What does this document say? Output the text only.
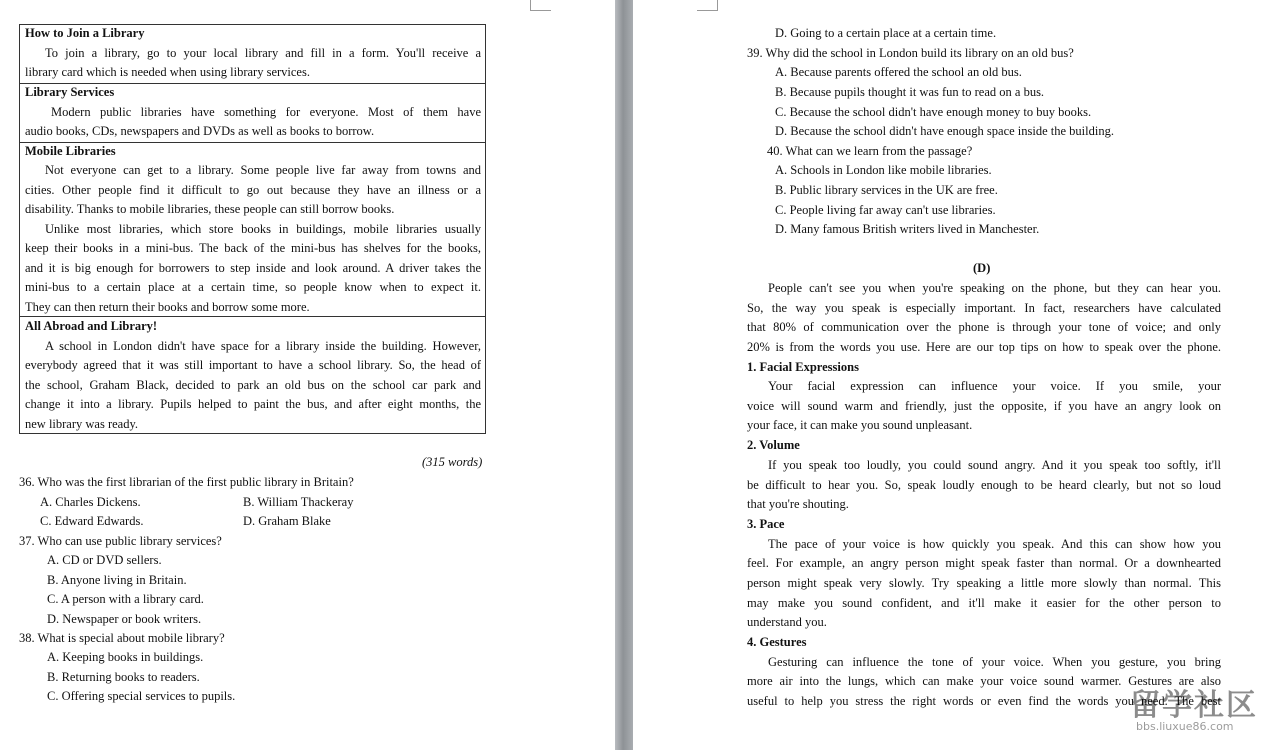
How to Join a Library
To join a library, go to your local library and fill in a form. You'll receive a
library card which is needed when using library services.
Library Services
Modern public libraries have something for everyone. Most of them have
audio books, CDs, newspapers and DVDs as well as books to borrow.
Mobile Libraries
Not everyone can get to a library. Some people live far away from towns and
cities. Other people find it difficult to go out because they have an illness or a
disability. Thanks to mobile libraries, these people can still borrow books.
Unlike most libraries, which store books in buildings, mobile libraries usually
keep their books in a mini-bus. The back of the mini-bus has shelves for the books,
and it is big enough for borrowers to step inside and look around. A driver takes the
mini-bus to a certain place at a certain time, so people know when to expect it.
They can then return their books and borrow some more.
All Abroad and Library!
A school in London didn't have space for a library inside the building. However,
everybody agreed that it was still important to have a school library. So, the head of
the school, Graham Black, decided to park an old bus on the school car park and
change it into a library. Pupils helped to paint the bus, and after eight months, the
new library was ready.
(315 words)
36. Who was the first librarian of the first public library in Britain?
A. Charles Dickens.	B. William Thackeray
C. Edward Edwards.	D. Graham Blake
37. Who can use public library services?
A. CD or DVD sellers.
B. Anyone living in Britain.
C. A person with a library card.
D. Newspaper or book writers.
38. What is special about mobile library?
A. Keeping books in buildings.
B. Returning books to readers.
C. Offering special services to pupils.
D. Going to a certain place at a certain time.
39. Why did the school in London build its library on an old bus?
A. Because parents offered the school an old bus.
B. Because pupils thought it was fun to read on a bus.
C. Because the school didn't have enough money to buy books.
D. Because the school didn't have enough space inside the building.
40. What can we learn from the passage?
A. Schools in London like mobile libraries.
B. Public library services in the UK are free.
C. People living far away can't use libraries.
D. Many famous British writers lived in Manchester.
(D)
People can't see you when you're speaking on the phone, but they can hear you.
So, the way you speak is especially important. In fact, researchers have calculated
that 80% of communication over the phone is through your tone of voice; and only
20% is from the words you use. Here are our top tips on how to speak over the phone.
1. Facial Expressions
Your facial expression can influence your voice. If you smile, your
voice will sound warm and friendly, just the opposite, if you have an angry look on
your face, it can make you sound unpleasant.
2. Volume
If you speak too loudly, you could sound angry. And it you speak too softly, it'll
be difficult to hear you. So, speak loudly enough to be heard clearly, but not so loud
that you're shouting.
3. Pace
The pace of your voice is how quickly you speak. And this can show how you
feel. For example, an angry person might speak faster than normal. Or a downhearted
person might speak very slowly. Try speaking a little more slowly than normal. This
may make you sound confident, and it'll make it easier for the other person to
understand you.
4. Gestures
Gesturing can influence the tone of your voice. When you gesture, you bring
more air into the lungs, which can make your voice sound warmer. Gestures are also
useful to help you stress the right words or even find the words you need. The best
留学社区
bbs.liuxue86.com
